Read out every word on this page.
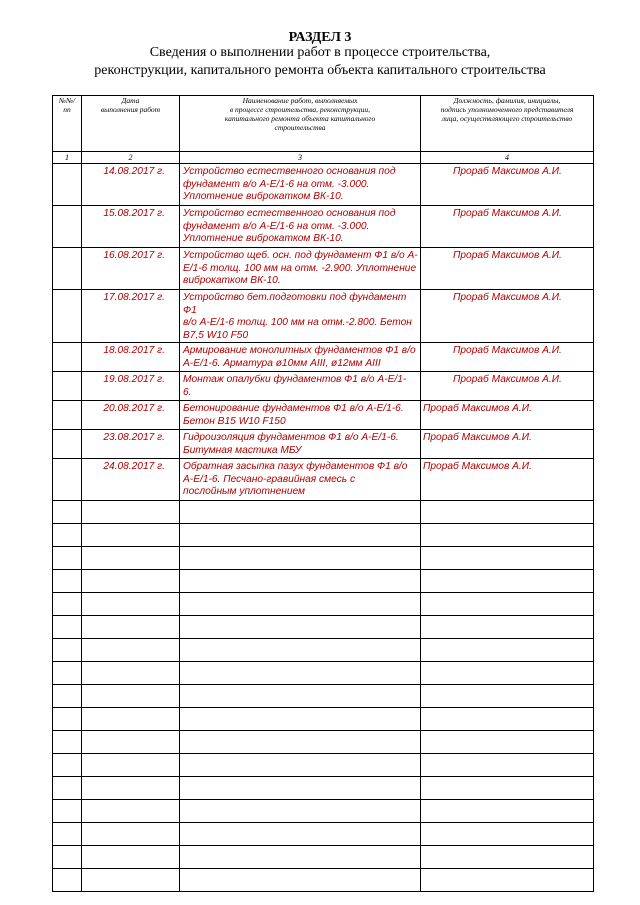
РАЗДЕЛ 3
Сведения о выполнении работ в процессе строительства,
реконструкции, капитального ремонта объекта капитального строительства
№№/
пп	Дата
выполнения работ	Наименование работ, выполняемых
в процессе строительства, реконструкции,
капитального ремонта объекта капитального
строительства	Должность, фамилия, инициалы,
подпись уполномоченного представителя
лица, осуществляющего строительство
1	2	3	4
	14.08.2017 г.	Устройство естественного основания под
фундамент в/о А-Е/1-6 на отм. -3.000.
Уплотнение виброкатком ВК-10.	Прораб Максимов А.И.
	15.08.2017 г.	Устройство естественного основания под
фундамент в/о А-Е/1-6 на отм. -3.000.
Уплотнение виброкатком ВК-10.	Прораб Максимов А.И.
	16.08.2017 г.	Устройство щеб. осн. под фундамент Ф1 в/о А-
Е/1-6 толщ. 100 мм на отм. -2.900. Уплотнение
виброкатком ВК-10.	Прораб Максимов А.И.
	17.08.2017 г.	Устройство бет.подготовки под фундамент Ф1
в/о А-Е/1-6 толщ. 100 мм на отм.-2.800. Бетон
В7,5 W10 F50	Прораб Максимов А.И.
	18.08.2017 г.	Армирование монолитных фундаментов Ф1 в/о
А-Е/1-6. Арматура ø10мм АIII, ø12мм АIII	Прораб Максимов А.И.
	19.08.2017 г.	Монтаж опалубки фундаментов Ф1 в/о А-Е/1-
6.	Прораб Максимов А.И.
	20.08.2017 г.	Бетонирование фундаментов Ф1 в/о А-Е/1-6.
Бетон В15 W10 F150	Прораб Максимов А.И.
	23.08.2017 г.	Гидроизоляция фундаментов Ф1 в/о А-Е/1-6.
Битумная мастика МБУ	Прораб Максимов А.И.
	24.08.2017 г.	Обратная засыпка пазух фундаментов Ф1 в/о
А-Е/1-6. Песчано-гравийная смесь с
послойным уплотнением	Прораб Максимов А.И.
